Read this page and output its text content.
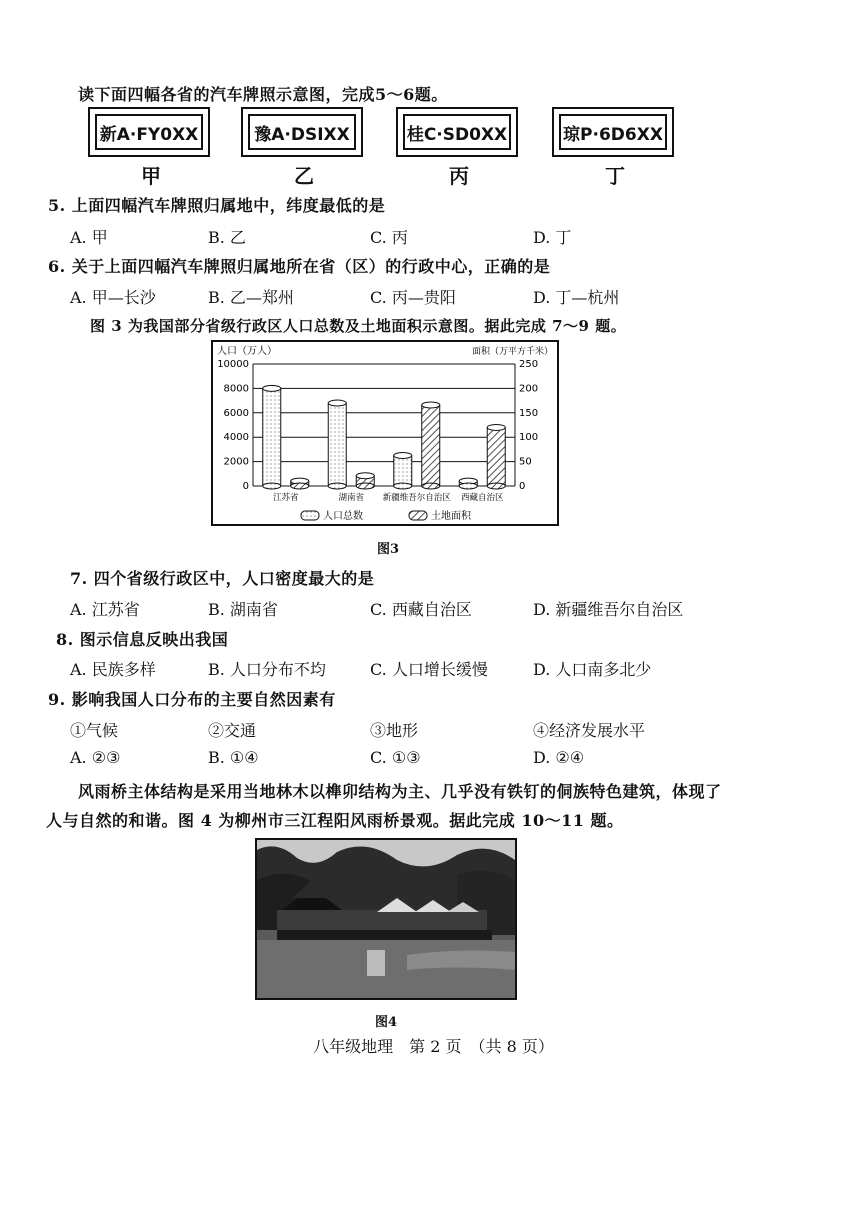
读下面四幅各省的汽车牌照示意图，完成5～6题。
新A·FY0XX	豫A·DSIXX	桂C·SD0XX	琼P·6D6XX
甲	乙	丙	丁
5. 上面四幅汽车牌照归属地中，纬度最低的是
A. 甲	B. 乙	C. 丙	D. 丁
6. 关于上面四幅汽车牌照归属地所在省（区）的行政中心，正确的是
A. 甲—长沙	B. 乙—郑州	C. 丙—贵阳	D. 丁—杭州
图 3 为我国部分省级行政区人口总数及土地面积示意图。据此完成 7～9 题。
人口（万人）	面积（万平方千米）
0	0
2000	50
4000	100
6000	150
8000	200
10000	250
江苏省	湖南省 新疆维吾尔自治区 西藏自治区
人口总数	土地面积
图3
7. 四个省级行政区中，人口密度最大的是
A. 江苏省	B. 湖南省	C. 西藏自治区	D. 新疆维吾尔自治区
8. 图示信息反映出我国
A. 民族多样	B. 人口分布不均	C. 人口增长缓慢	D. 人口南多北少
9. 影响我国人口分布的主要自然因素有
①气候	②交通	③地形	④经济发展水平
A. ②③	B. ①④	C. ①③	D. ②④
风雨桥主体结构是采用当地林木以榫卯结构为主、几乎没有铁钉的侗族特色建筑，体现了
人与自然的和谐。图 4 为柳州市三江程阳风雨桥景观。据此完成 10～11 题。
图4
八年级地理　第 2 页　（共 8 页）
